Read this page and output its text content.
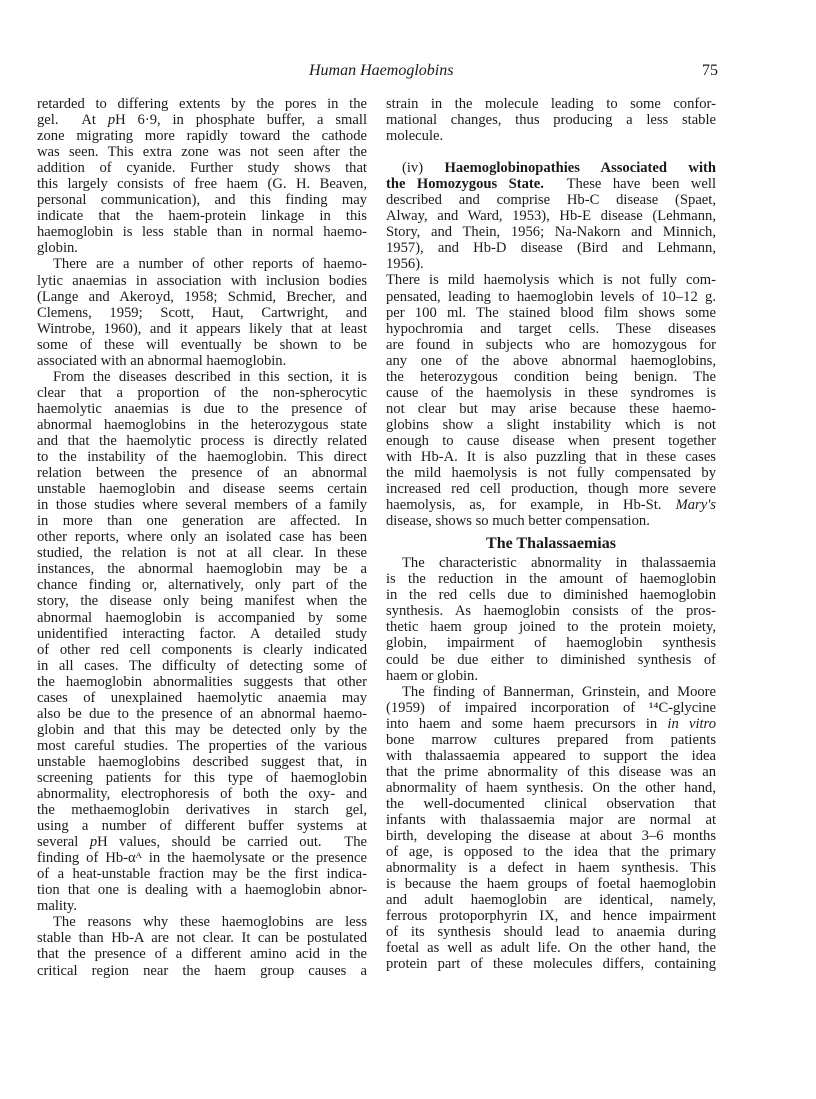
Human Haemoglobins	75
retarded to differing extents by the pores in the
gel.  At pH 6·9, in phosphate buffer, a small
zone migrating more rapidly toward the cathode
was seen. This extra zone was not seen after the
addition of cyanide. Further study shows that
this largely consists of free haem (G. H. Beaven,
personal communication), and this finding may
indicate that the haem-protein linkage in this
haemoglobin is less stable than in normal haemo-
globin.
There are a number of other reports of haemo-
lytic anaemias in association with inclusion bodies
(Lange and Akeroyd, 1958; Schmid, Brecher, and
Clemens, 1959; Scott, Haut, Cartwright, and
Wintrobe, 1960), and it appears likely that at least
some of these will eventually be shown to be
associated with an abnormal haemoglobin.
From the diseases described in this section, it is
clear that a proportion of the non-spherocytic
haemolytic anaemias is due to the presence of
abnormal haemoglobins in the heterozygous state
and that the haemolytic process is directly related
to the instability of the haemoglobin. This direct
relation between the presence of an abnormal
unstable haemoglobin and disease seems certain
in those studies where several members of a family
in more than one generation are affected. In
other reports, where only an isolated case has been
studied, the relation is not at all clear. In these
instances, the abnormal haemoglobin may be a
chance finding or, alternatively, only part of the
story, the disease only being manifest when the
abnormal haemoglobin is accompanied by some
unidentified interacting factor. A detailed study
of other red cell components is clearly indicated
in all cases. The difficulty of detecting some of
the haemoglobin abnormalities suggests that other
cases of unexplained haemolytic anaemia may
also be due to the presence of an abnormal haemo-
globin and that this may be detected only by the
most careful studies. The properties of the various
unstable haemoglobins described suggest that, in
screening patients for this type of haemoglobin
abnormality, electrophoresis of both the oxy- and
the methaemoglobin derivatives in starch gel,
using a number of different buffer systems at
several pH values, should be carried out.  The
finding of Hb-αᴬ in the haemolysate or the presence
of a heat-unstable fraction may be the first indica-
tion that one is dealing with a haemoglobin abnor-
mality.
The reasons why these haemoglobins are less
stable than Hb-A are not clear. It can be postulated
that the presence of a different amino acid in the
critical region near the haem group causes a
strain in the molecule leading to some confor-
mational changes, thus producing a less stable
molecule.
(iv) Haemoglobinopathies Associated with
the Homozygous State. These have been well
described and comprise Hb-C disease (Spaet,
Alway, and Ward, 1953), Hb-E disease (Lehmann,
Story, and Thein, 1956; Na-Nakorn and Minnich,
1957), and Hb-D disease (Bird and Lehmann,
1956).
There is mild haemolysis which is not fully com-
pensated, leading to haemoglobin levels of 10–12 g.
per 100 ml. The stained blood film shows some
hypochromia and target cells. These diseases
are found in subjects who are homozygous for
any one of the above abnormal haemoglobins,
the heterozygous condition being benign. The
cause of the haemolysis in these syndromes is
not clear but may arise because these haemo-
globins show a slight instability which is not
enough to cause disease when present together
with Hb-A. It is also puzzling that in these cases
the mild haemolysis is not fully compensated by
increased red cell production, though more severe
haemolysis, as, for example, in Hb-St. Mary's
disease, shows so much better compensation.
The Thalassaemias
The characteristic abnormality in thalassaemia
is the reduction in the amount of haemoglobin
in the red cells due to diminished haemoglobin
synthesis. As haemoglobin consists of the pros-
thetic haem group joined to the protein moiety,
globin, impairment of haemoglobin synthesis
could be due either to diminished synthesis of
haem or globin.
The finding of Bannerman, Grinstein, and Moore
(1959) of impaired incorporation of ¹⁴C-glycine
into haem and some haem precursors in in vitro
bone marrow cultures prepared from patients
with thalassaemia appeared to support the idea
that the prime abnormality of this disease was an
abnormality of haem synthesis. On the other hand,
the well-documented clinical observation that
infants with thalassaemia major are normal at
birth, developing the disease at about 3–6 months
of age, is opposed to the idea that the primary
abnormality is a defect in haem synthesis. This
is because the haem groups of foetal haemoglobin
and adult haemoglobin are identical, namely,
ferrous protoporphyrin IX, and hence impairment
of its synthesis should lead to anaemia during
foetal as well as adult life. On the other hand, the
protein part of these molecules differs, containing
